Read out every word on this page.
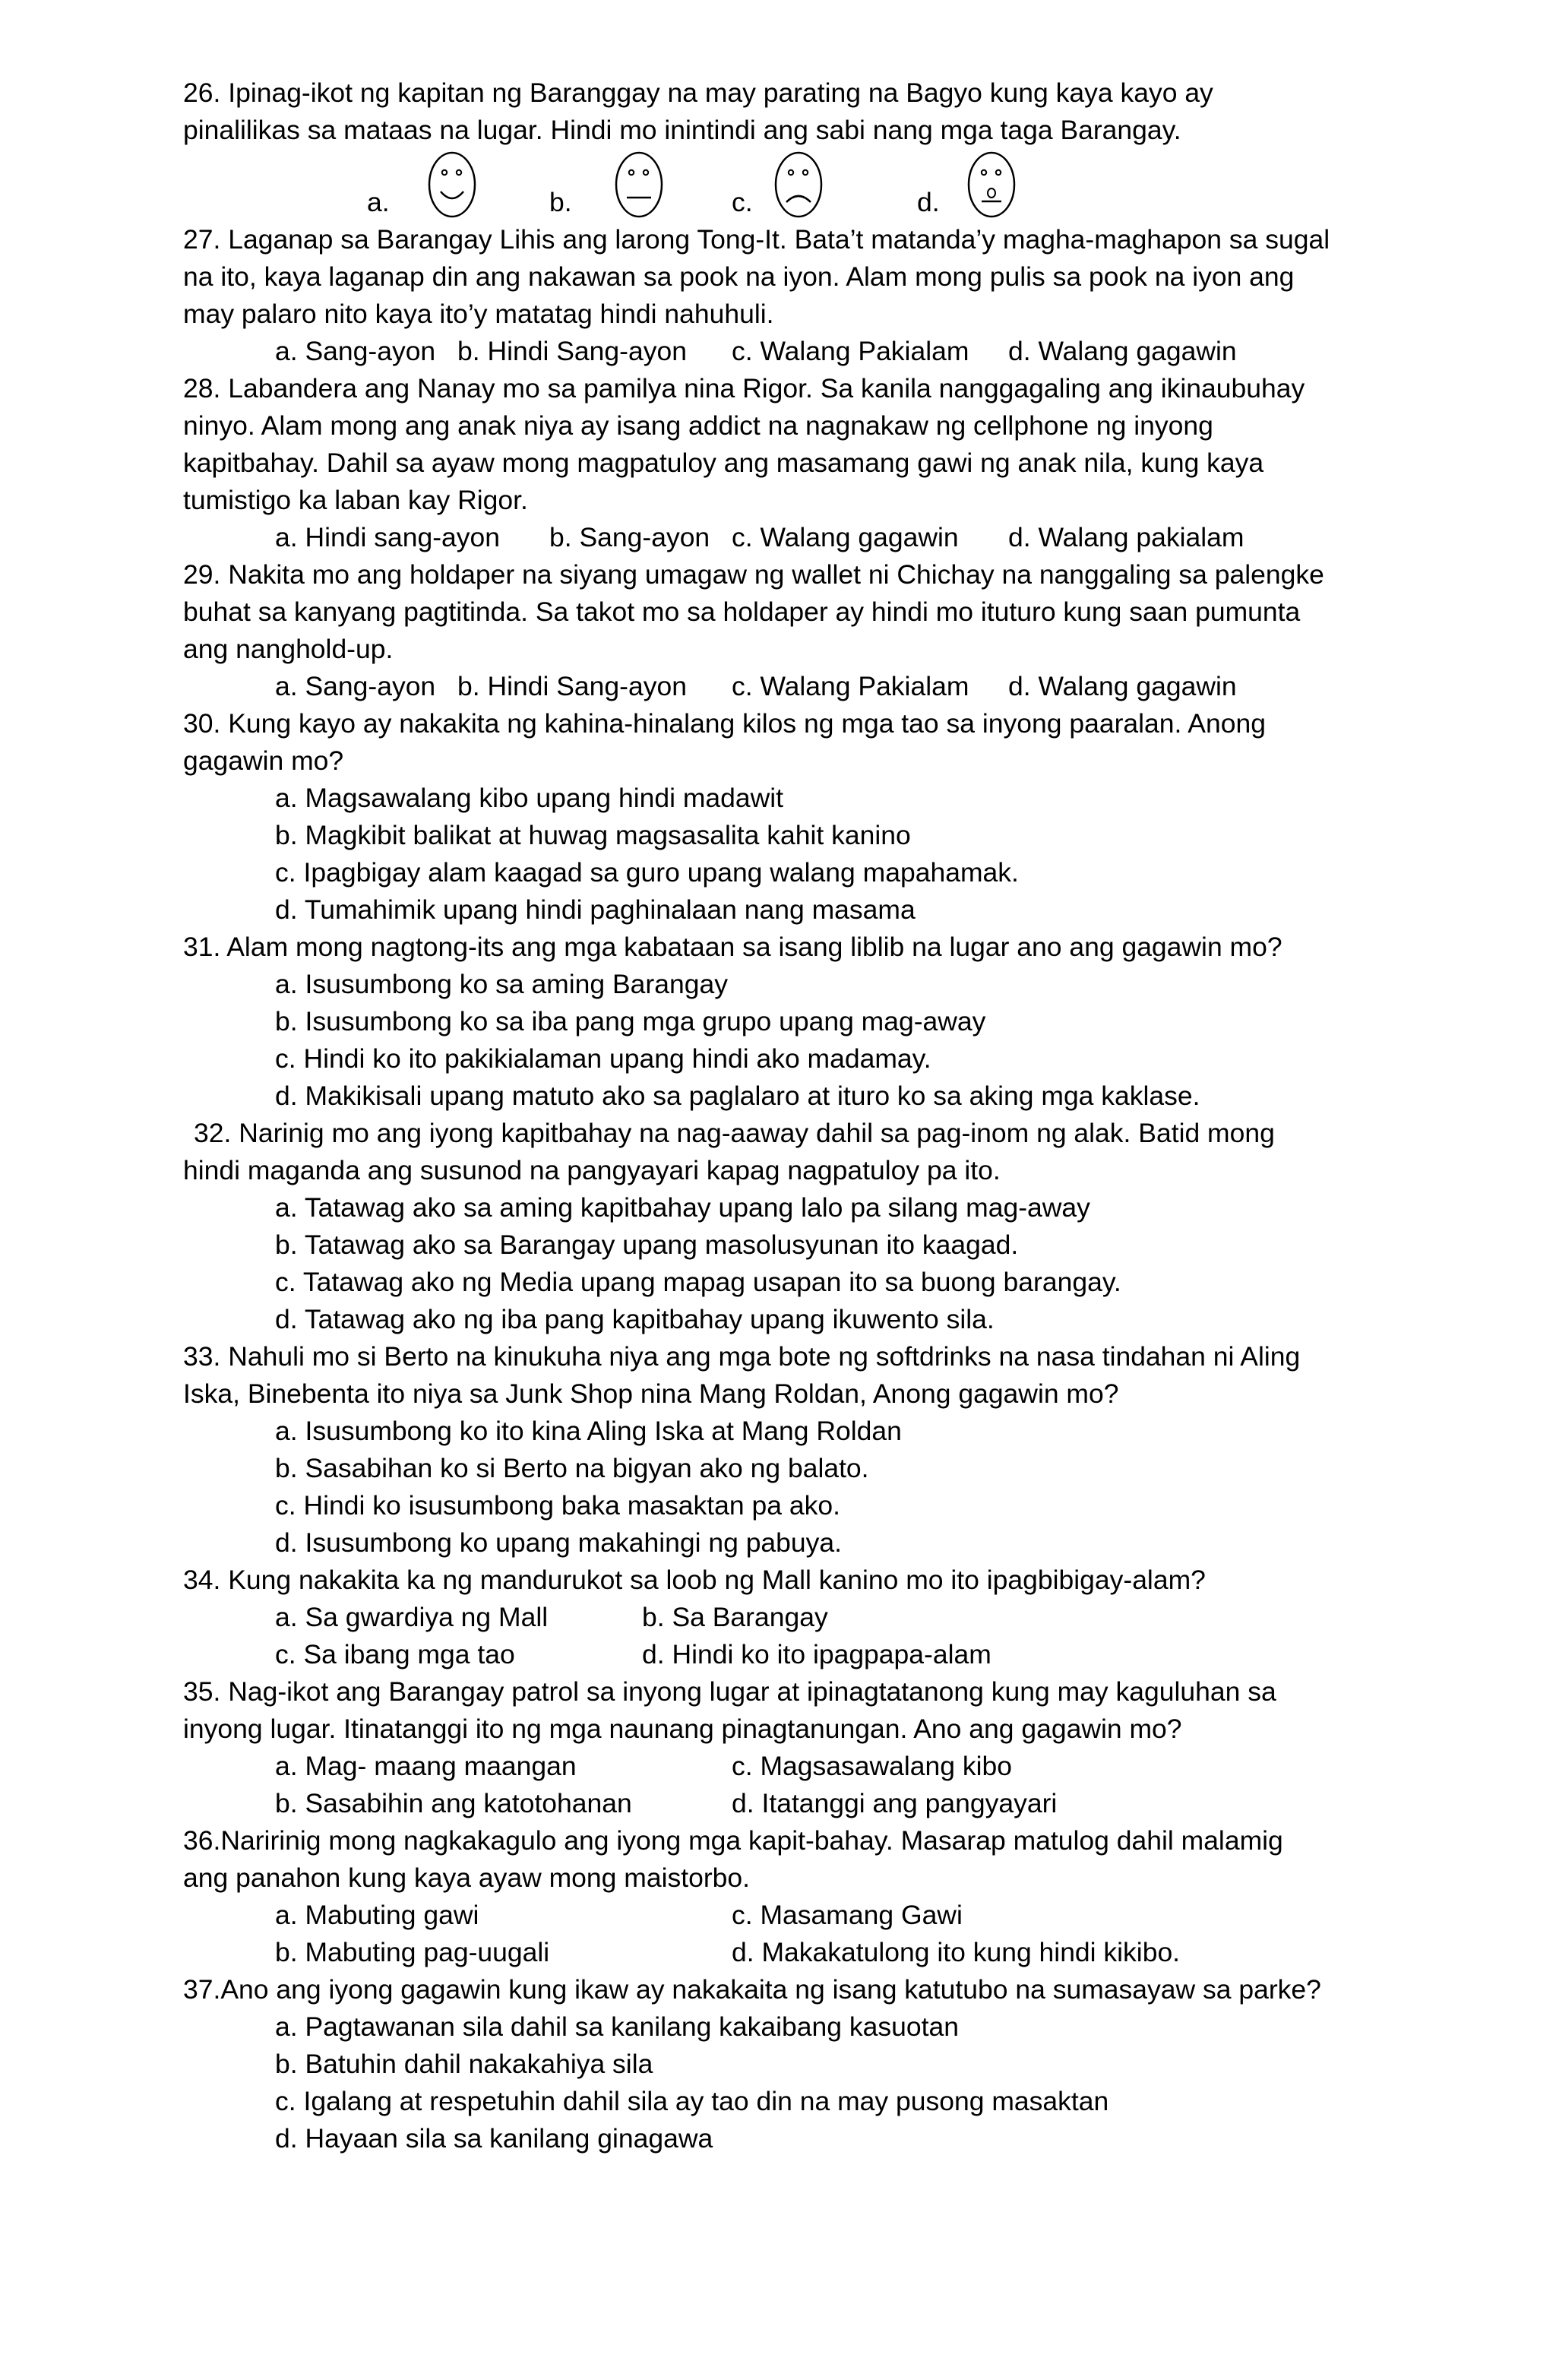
26. Ipinag-ikot ng kapitan ng Baranggay na may parating na Bagyo kung kaya kayo ay

pinalilikas sa mataas na lugar. Hindi mo inintindi ang sabi nang mga taga Barangay.

a.	b.	c.	d.

27. Laganap sa Barangay Lihis ang larong Tong-It. Bata’t matanda’y magha-maghapon sa sugal

na ito, kaya laganap din ang nakawan sa pook na iyon. Alam mong pulis sa pook na iyon ang

may palaro nito kaya ito’y matatag hindi nahuhuli.

a. Sang-ayon b. Hindi Sang-ayon c. Walang Pakialam d. Walang gagawin

28. Labandera ang Nanay mo sa pamilya nina Rigor. Sa kanila nanggagaling ang ikinaubuhay

ninyo. Alam mong ang anak niya ay isang addict na nagnakaw ng cellphone ng inyong

kapitbahay. Dahil sa ayaw mong magpatuloy ang masamang gawi ng anak nila, kung kaya

tumistigo ka laban kay Rigor.

a. Hindi sang-ayon b. Sang-ayon c. Walang gagawin d. Walang pakialam

29. Nakita mo ang holdaper na siyang umagaw ng wallet ni Chichay na nanggaling sa palengke

buhat sa kanyang pagtitinda. Sa takot mo sa holdaper ay hindi mo ituturo kung saan pumunta

ang nanghold-up.

a. Sang-ayon b. Hindi Sang-ayon c. Walang Pakialam d. Walang gagawin

30. Kung kayo ay nakakita ng kahina-hinalang kilos ng mga tao sa inyong paaralan. Anong

gagawin mo?

a. Magsawalang kibo upang hindi madawit
b. Magkibit balikat at huwag magsasalita kahit kanino
c. Ipagbigay alam kaagad sa guro upang walang mapahamak.
d. Tumahimik upang hindi paghinalaan nang masama

31. Alam mong nagtong-its ang mga kabataan sa isang liblib na lugar ano ang gagawin mo?

a. Isusumbong ko sa aming Barangay
b. Isusumbong ko sa iba pang mga grupo upang mag-away
c. Hindi ko ito pakikialaman upang hindi ako madamay.
d. Makikisali upang matuto ako sa paglalaro at ituro ko sa aking mga kaklase.

32. Narinig mo ang iyong kapitbahay na nag-aaway dahil sa pag-inom ng alak. Batid mong

hindi maganda ang susunod na pangyayari kapag nagpatuloy pa ito.

a. Tatawag ako sa aming kapitbahay upang lalo pa silang mag-away
b. Tatawag ako sa Barangay upang masolusyunan ito kaagad.
c. Tatawag ako ng Media upang mapag usapan ito sa buong barangay.
d. Tatawag ako ng iba pang kapitbahay upang ikuwento sila.

33. Nahuli mo si Berto na kinukuha niya ang mga bote ng softdrinks na nasa tindahan ni Aling

Iska, Binebenta ito niya sa Junk Shop nina Mang Roldan, Anong gagawin mo?

a. Isusumbong ko ito kina Aling Iska at Mang Roldan
b. Sasabihan ko si Berto na bigyan ako ng balato.
c. Hindi ko isusumbong baka masaktan pa ako.
d. Isusumbong ko upang makahingi ng pabuya.

34. Kung nakakita ka ng mandurukot sa loob ng Mall kanino mo ito ipagbibigay-alam?

a. Sa gwardiya ng Mall	b. Sa Barangay
c. Sa ibang mga tao	d. Hindi ko ito ipagpapa-alam

35. Nag-ikot ang Barangay patrol sa inyong lugar at ipinagtatanong kung may kaguluhan sa

inyong lugar. Itinatanggi ito ng mga naunang pinagtanungan. Ano ang gagawin mo?

a. Mag- maang maangan	c. Magsasawalang kibo
b. Sasabihin ang katotohanan	d. Itatanggi ang pangyayari

36.Naririnig mong nagkakagulo ang iyong mga kapit-bahay. Masarap matulog dahil malamig

ang panahon kung kaya ayaw mong maistorbo.

a. Mabuting gawi	c. Masamang Gawi
b. Mabuting pag-uugali	d. Makakatulong ito kung hindi kikibo.

37.Ano ang iyong gagawin kung ikaw ay nakakaita ng isang katutubo na sumasayaw sa parke?

a. Pagtawanan sila dahil sa kanilang kakaibang kasuotan
b. Batuhin dahil nakakahiya sila
c. Igalang at respetuhin dahil sila ay tao din na may pusong masaktan
d. Hayaan sila sa kanilang ginagawa
